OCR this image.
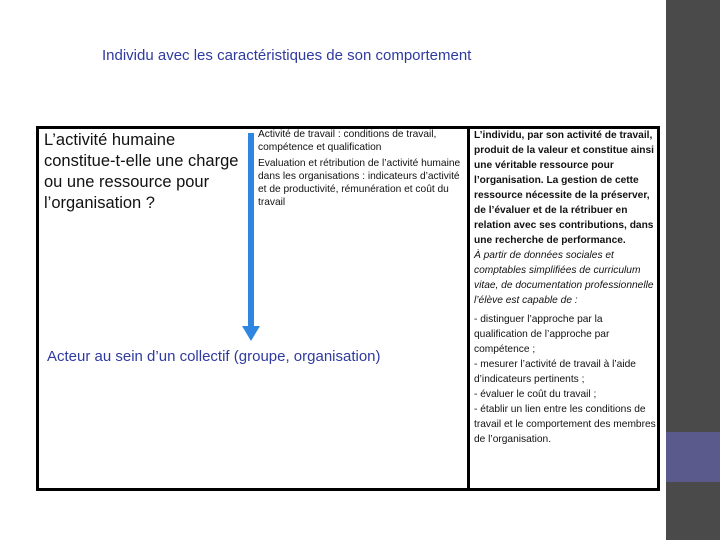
Individu avec les caractéristiques de son comportement
L’activité humaine constitue-t-elle une charge ou une ressource pour l’organisation ?

Activité de travail : conditions de travail, compétence et qualification

Evaluation et rétribution de l’activité humaine dans les organisations : indicateurs d’activité et de productivité, rémunération et coût du travail

Acteur au sein d’un collectif (groupe, organisation)

L’individu, par son activité de travail, produit de la valeur et constitue ainsi une véritable ressource pour l’organisation. La gestion de cette ressource nécessite de la préserver, de l’évaluer et de la rétribuer en relation avec ses contributions, dans une recherche de performance.

À partir de données sociales et comptables simplifiées de curriculum vitae, de documentation professionnelle l’élève est capable de :

- distinguer l’approche par la qualification de l’approche par compétence ;

- mesurer l’activité de travail à l’aide d’indicateurs pertinents ;

- évaluer le coût du travail ;

- établir un lien entre les conditions de travail et le comportement des membres de l’organisation.
